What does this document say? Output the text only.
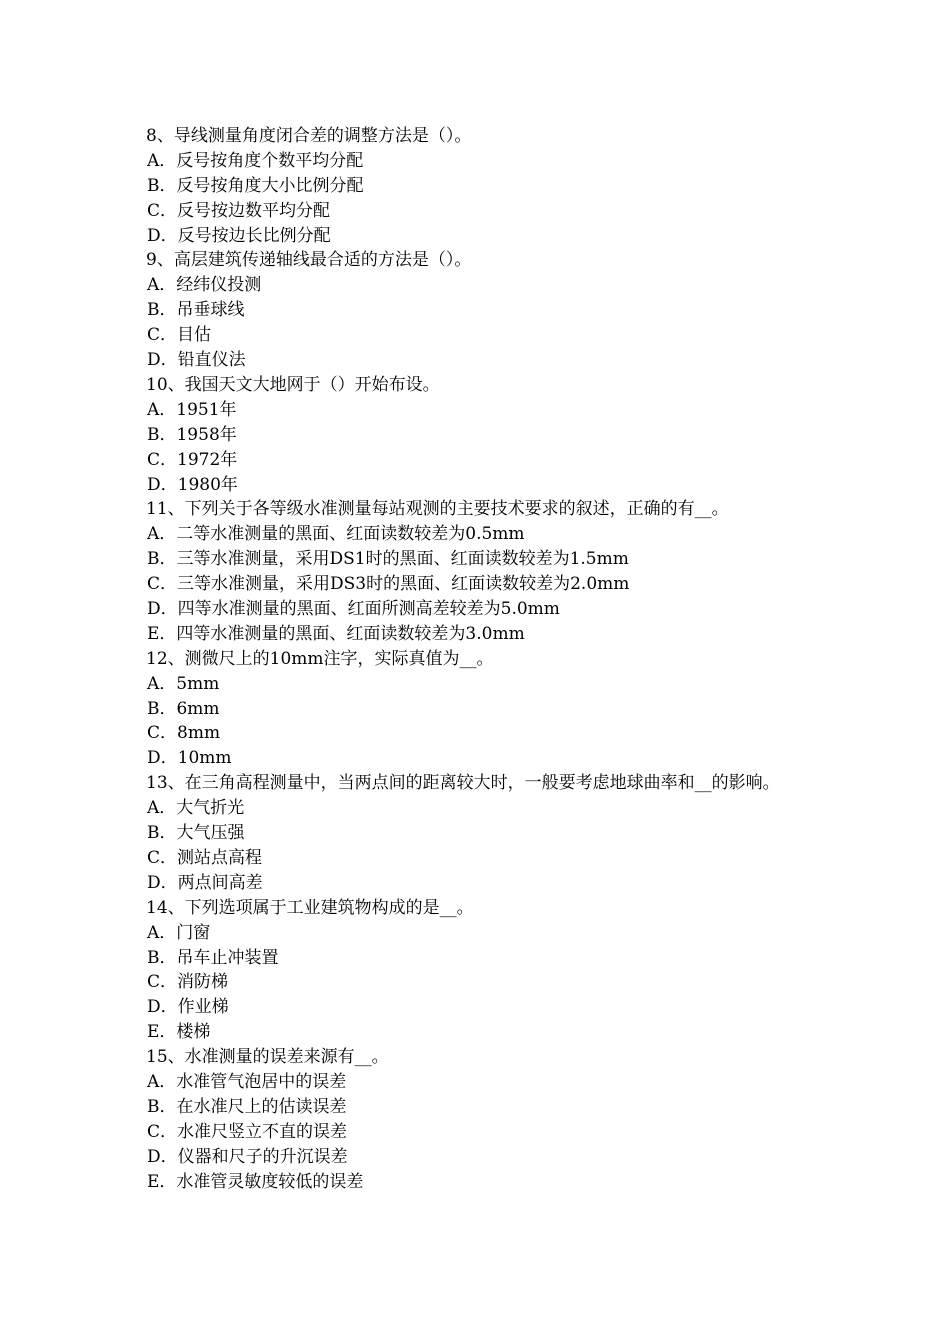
8、导线测量角度闭合差的调整方法是（）。
A．反号按角度个数平均分配
B．反号按角度大小比例分配
C．反号按边数平均分配
D．反号按边长比例分配
9、高层建筑传递轴线最合适的方法是（）。
A．经纬仪投测
B．吊垂球线
C．目估
D．铅直仪法
10、我国天文大地网于（）开始布设。
A．1951年
B．1958年
C．1972年
D．1980年
11、下列关于各等级水准测量每站观测的主要技术要求的叙述，正确的有__。
A．二等水准测量的黑面、红面读数较差为0.5mm
B．三等水准测量，采用DS1时的黑面、红面读数较差为1.5mm
C．三等水准测量，采用DS3时的黑面、红面读数较差为2.0mm
D．四等水准测量的黑面、红面所测高差较差为5.0mm
E．四等水准测量的黑面、红面读数较差为3.0mm
12、测微尺上的10mm注字，实际真值为__。
A．5mm
B．6mm
C．8mm
D．10mm
13、在三角高程测量中，当两点间的距离较大时，一般要考虑地球曲率和__的影响。
A．大气折光
B．大气压强
C．测站点高程
D．两点间高差
14、下列选项属于工业建筑物构成的是__。
A．门窗
B．吊车止冲装置
C．消防梯
D．作业梯
E．楼梯
15、水准测量的误差来源有__。
A．水准管气泡居中的误差
B．在水准尺上的估读误差
C．水准尺竖立不直的误差
D．仪器和尺子的升沉误差
E．水准管灵敏度较低的误差
